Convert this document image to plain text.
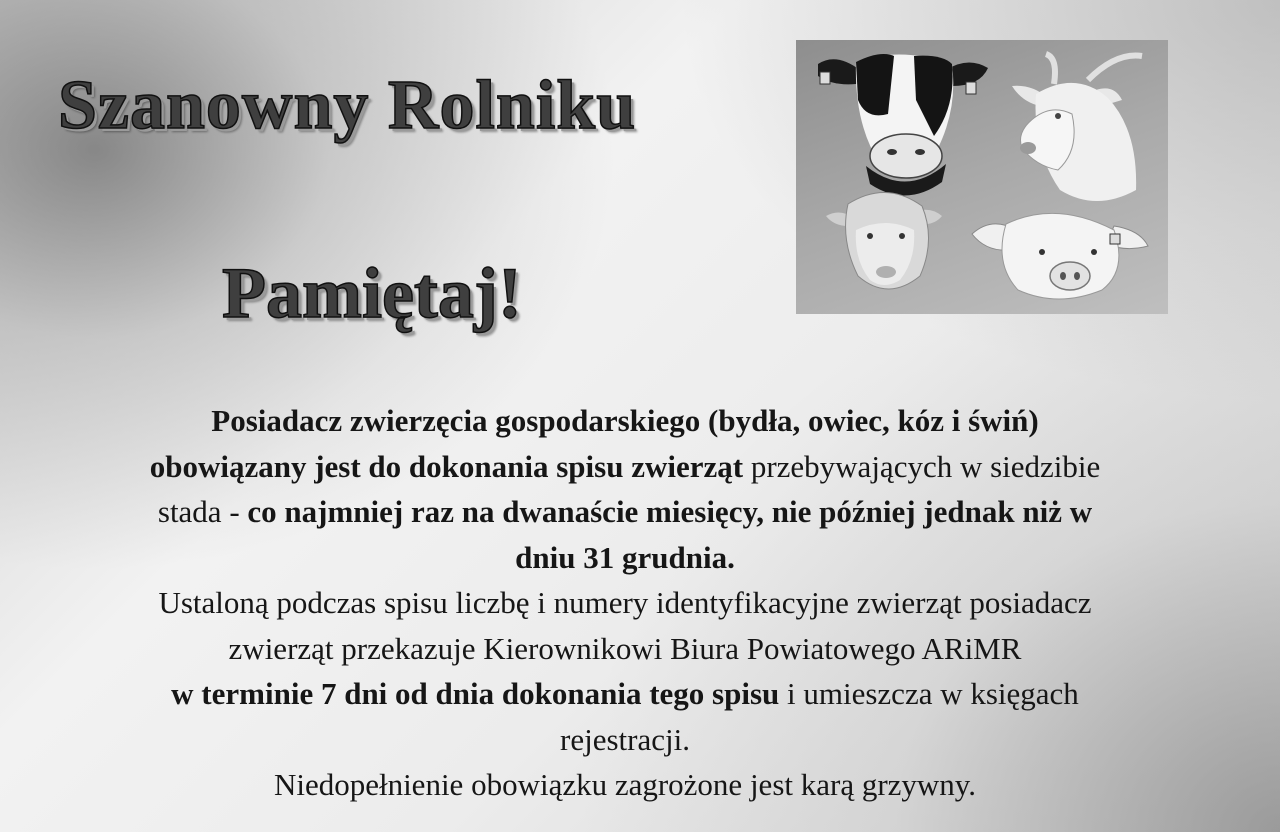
Szanowny Rolniku
Pamiętaj!
Posiadacz zwierzęcia gospodarskiego (bydła, owiec, kóz i świń)
obowiązany jest do dokonania spisu zwierząt przebywających w siedzibie
stada - co najmniej raz na dwanaście miesięcy, nie później jednak niż w
dniu 31 grudnia.
Ustaloną podczas spisu liczbę i numery identyfikacyjne zwierząt posiadacz
zwierząt przekazuje Kierownikowi Biura Powiatowego ARiMR
w terminie 7 dni od dnia dokonania tego spisu i umieszcza w księgach
rejestracji.
Niedopełnienie obowiązku zagrożone jest karą grzywny.
